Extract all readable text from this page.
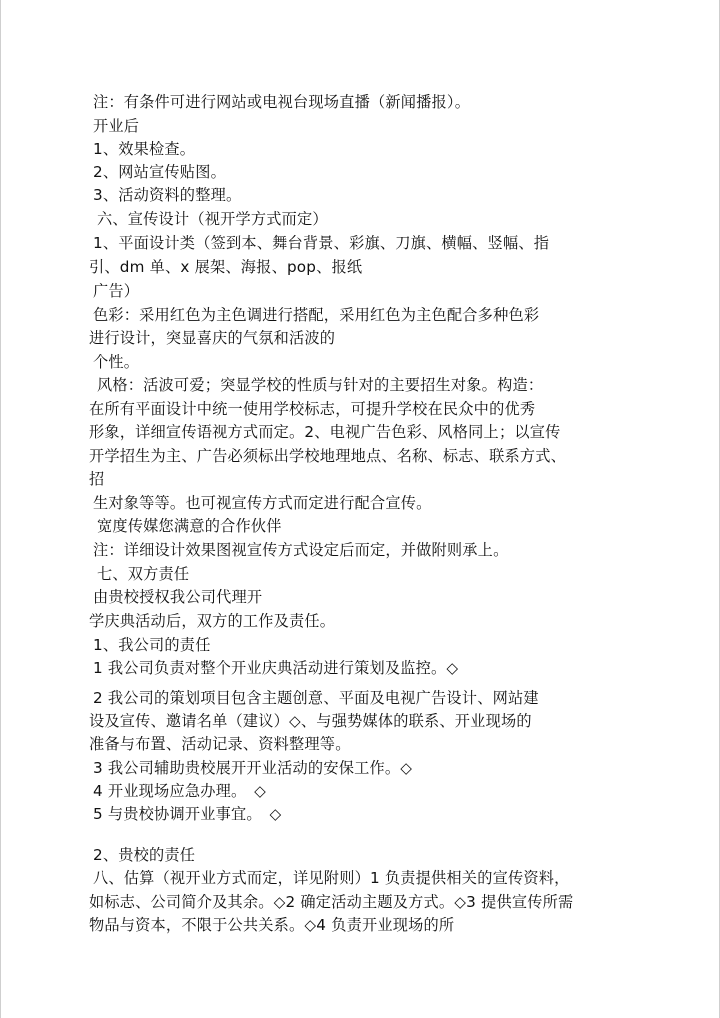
注：有条件可进行网站或电视台现场直播（新闻播报）。
开业后
1、效果检查。
2、网站宣传贴图。
3、活动资料的整理。
六、宣传设计（视开学方式而定）
1、平面设计类（签到本、舞台背景、彩旗、刀旗、横幅、竖幅、指
引、dm 单、x 展架、海报、pop、报纸
广告）
色彩：采用红色为主色调进行搭配，采用红色为主色配合多种色彩
进行设计，突显喜庆的气氛和活波的
个性。
风格：活波可爱；突显学校的性质与针对的主要招生对象。构造：
在所有平面设计中统一使用学校标志，可提升学校在民众中的优秀
形象，详细宣传语视方式而定。2、电视广告色彩、风格同上；以宣传
开学招生为主、广告必须标出学校地理地点、名称、标志、联系方式、
招
生对象等等。也可视宣传方式而定进行配合宣传。
宽度传媒您满意的合作伙伴
注：详细设计效果图视宣传方式设定后而定，并做附则承上。
七、双方责任
由贵校授权我公司代理开
学庆典活动后，双方的工作及责任。
1、我公司的责任
1 我公司负责对整个开业庆典活动进行策划及监控。◇
2 我公司的策划项目包含主题创意、平面及电视广告设计、网站建
设及宣传、邀请名单（建议）◇、与强势媒体的联系、开业现场的
准备与布置、活动记录、资料整理等。
3 我公司辅助贵校展开开业活动的安保工作。◇
4 开业现场应急办理。　◇
5 与贵校协调开业事宜。　◇
2、贵校的责任
八、估算（视开业方式而定，详见附则）1 负责提供相关的宣传资料，
如标志、公司简介及其余。◇2 确定活动主题及方式。◇3 提供宣传所需
物品与资本，不限于公共关系。◇4 负责开业现场的所
